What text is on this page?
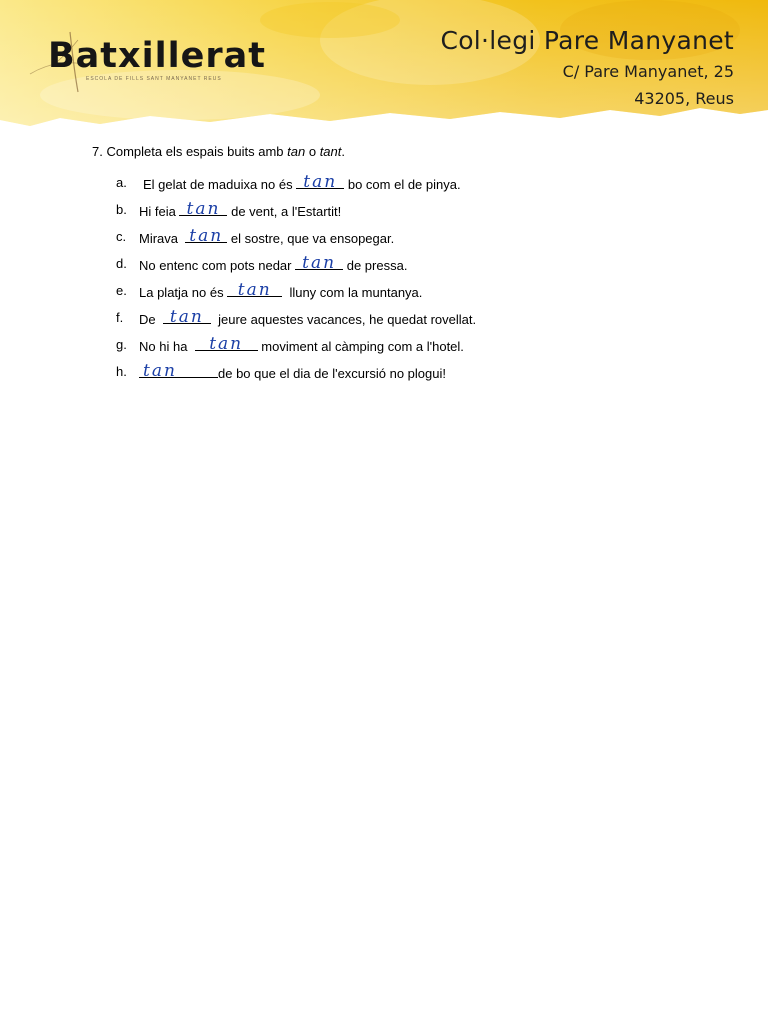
Batxillerat
ESCOLA DE FILLS SANT MANYANET REUS
Col·legi Pare Manyanet
C/ Pare Manyanet, 25
43205, Reus

7. Completa els espais buits amb tan o tant.

a. El gelat de maduixa no és tan bo com el de pinya.
b. Hi feia tan de vent, a l'Estartit!
c. Mirava tan el sostre, que va ensopegar.
d. No entenc com pots nedar tan de pressa.
e. La platja no és tan	lluny com la muntanya.
f. De tan	jeure aquestes vacances, he quedat rovellat.
g. No hi ha	tan	moviment al càmping com a l'hotel.
h. tan	de bo que el dia de l'excursió no plogui!
